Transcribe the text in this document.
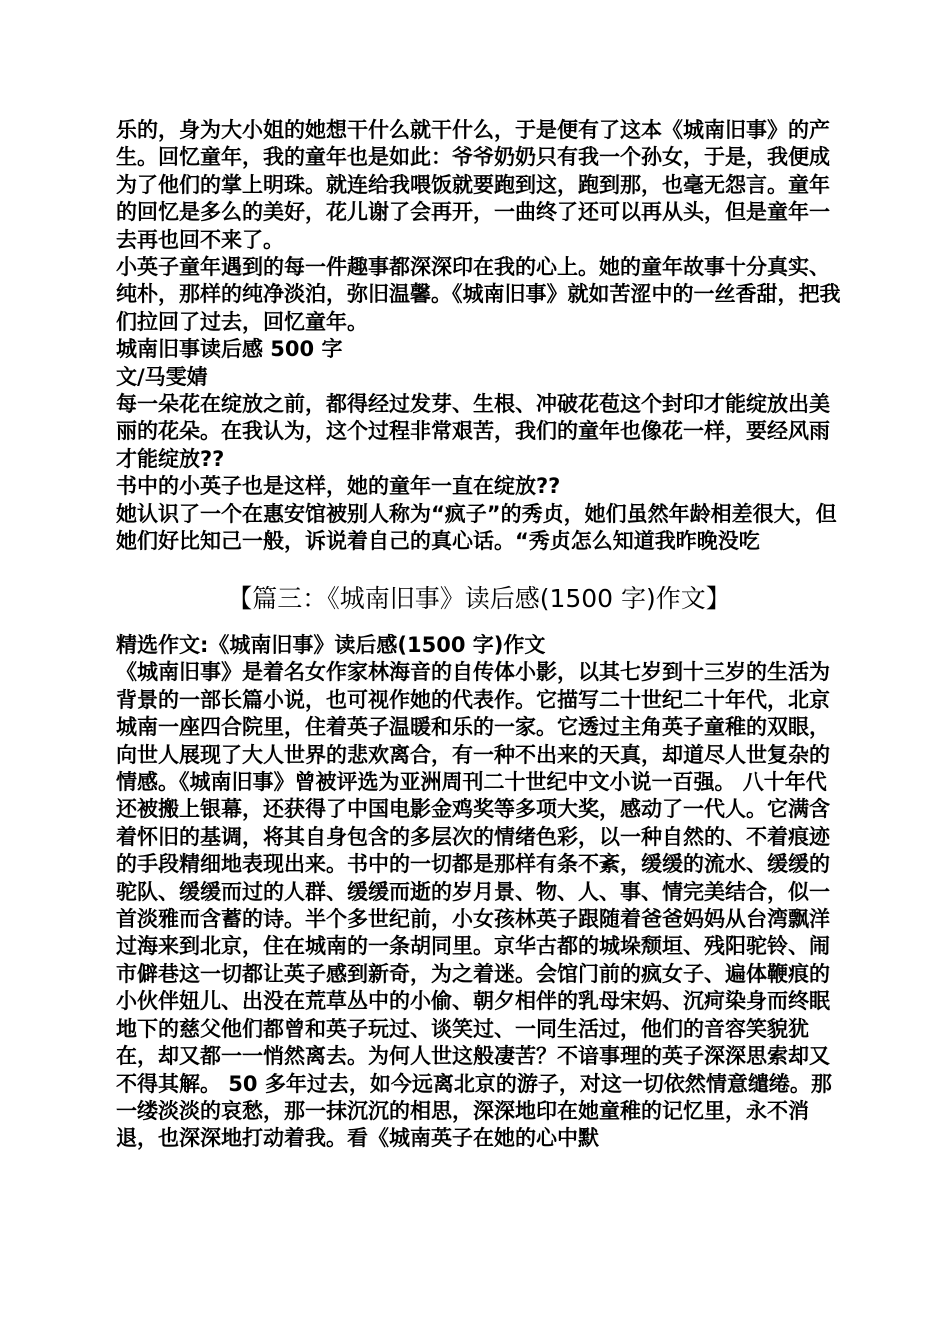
乐的，身为大小姐的她想干什么就干什么，于是便有了这本《城南旧事》的产生。回忆童年，我的童年也是如此：爷爷奶奶只有我一个孙女，于是，我便成为了他们的掌上明珠。就连给我喂饭就要跑到这，跑到那，也毫无怨言。童年的回忆是多么的美好，花儿谢了会再开，一曲终了还可以再从头，但是童年一去再也回不来了。

小英子童年遇到的每一件趣事都深深印在我的心上。她的童年故事十分真实、纯朴，那样的纯净淡泊，弥旧温馨。《城南旧事》就如苦涩中的一丝香甜，把我们拉回了过去，回忆童年。

城南旧事读后感 500 字

文/马雯婧

每一朵花在绽放之前，都得经过发芽、生根、冲破花苞这个封印才能绽放出美丽的花朵。在我认为，这个过程非常艰苦，我们的童年也像花一样，要经风雨才能绽放??

书中的小英子也是这样，她的童年一直在绽放??

她认识了一个在惠安馆被别人称为“疯子”的秀贞，她们虽然年龄相差很大，但她们好比知己一般，诉说着自己的真心话。“秀贞怎么知道我昨晚没吃

【篇三：《城南旧事》读后感(1500 字)作文】

精选作文:《城南旧事》读后感(1500 字)作文

《城南旧事》是着名女作家林海音的自传体小影，以其七岁到十三岁的生活为背景的一部长篇小说，也可视作她的代表作。它描写二十世纪二十年代，北京城南一座四合院里，住着英子温暖和乐的一家。它透过主角英子童稚的双眼，向世人展现了大人世界的悲欢离合，有一种不出来的天真，却道尽人世复杂的情感。《城南旧事》曾被评选为亚洲周刊二十世纪中文小说一百强。 八十年代还被搬上银幕，还获得了中国电影金鸡奖等多项大奖，感动了一代人。它满含着怀旧的基调，将其自身包含的多层次的情绪色彩，以一种自然的、不着痕迹的手段精细地表现出来。书中的一切都是那样有条不紊，缓缓的流水、缓缓的驼队、缓缓而过的人群、缓缓而逝的岁月景、物、人、事、情完美结合，似一首淡雅而含蓄的诗。半个多世纪前，小女孩林英子跟随着爸爸妈妈从台湾飘洋过海来到北京，住在城南的一条胡同里。京华古都的城垛颓垣、残阳驼铃、闹市僻巷这一切都让英子感到新奇，为之着迷。会馆门前的疯女子、遍体鞭痕的小伙伴妞儿、出没在荒草丛中的小偷、朝夕相伴的乳母宋妈、沉疴染身而终眠地下的慈父他们都曾和英子玩过、谈笑过、一同生活过，他们的音容笑貌犹在，却又都一一悄然离去。为何人世这般凄苦？不谙事理的英子深深思索却又不得其解。 50 多年过去，如今远离北京的游子，对这一切依然情意缱绻。那一缕淡淡的哀愁，那一抹沉沉的相思，深深地印在她童稚的记忆里，永不消退，也深深地打动着我。看《城南英子在她的心中默
